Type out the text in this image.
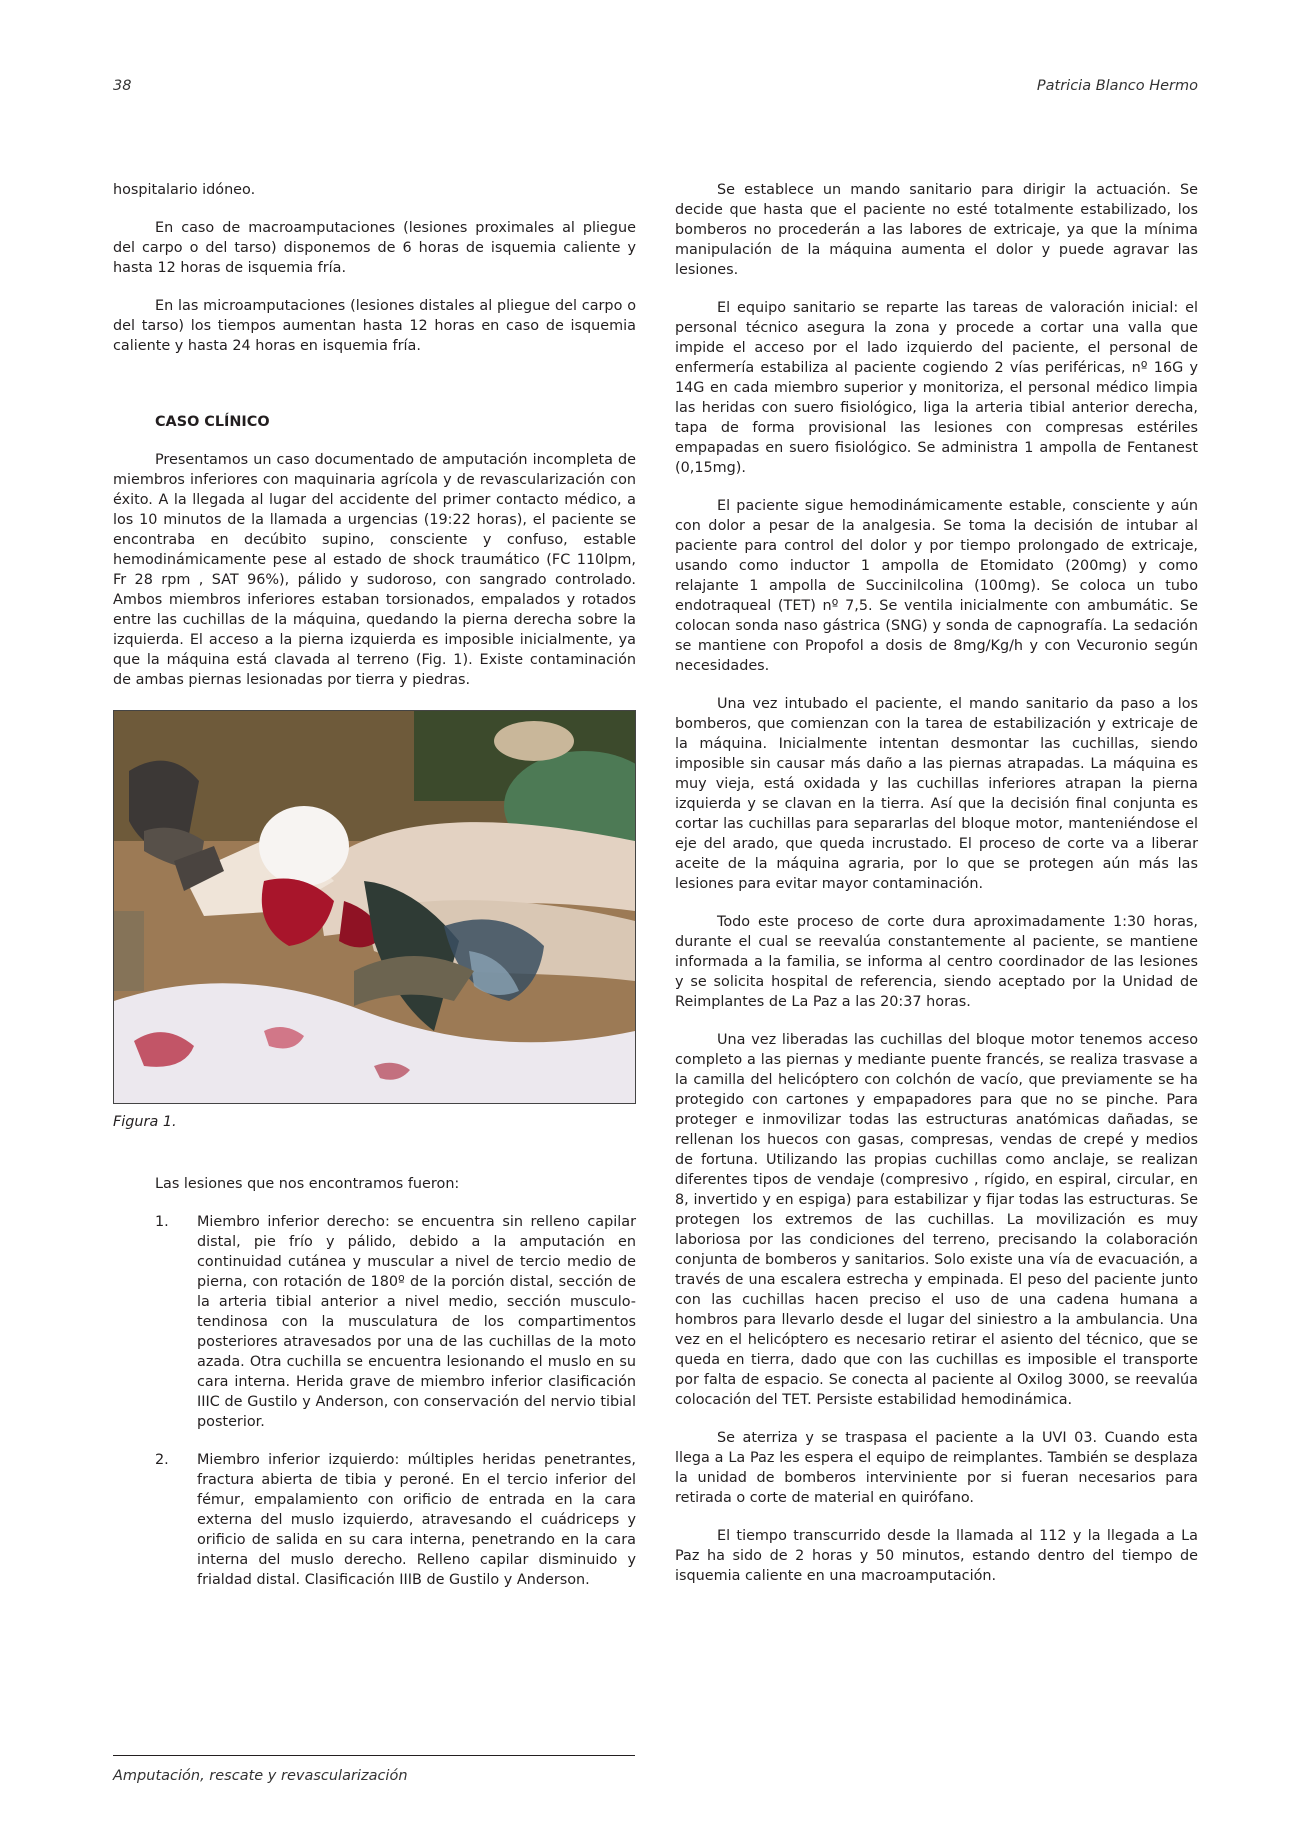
38	Patricia Blanco Hermo

hospitalario idóneo.

En caso de macroamputaciones (lesiones proximales al pliegue del carpo o del tarso) disponemos de 6 horas de isquemia caliente y hasta 12 horas de isquemia fría.

En las microamputaciones (lesiones distales al pliegue del carpo o del tarso) los tiempos aumentan hasta 12 horas en caso de isquemia caliente y hasta 24 horas en isquemia fría.

CASO CLÍNICO

Presentamos un caso documentado de amputación incompleta de miembros inferiores con maquinaria agrícola y de revascularización con éxito. A la llegada al lugar del accidente del primer contacto médico, a los 10 minutos de la llamada a urgencias (19:22 horas), el paciente se encontraba en decúbito supino, consciente y confuso, estable hemodinámicamente pese al estado de shock traumático (FC 110lpm, Fr 28 rpm , SAT 96%), pálido y sudoroso, con sangrado controlado. Ambos miembros inferiores estaban torsionados, empalados y rotados entre las cuchillas de la máquina, quedando la pierna derecha sobre la izquierda. El acceso a la pierna izquierda es imposible inicialmente, ya que la máquina está clavada al terreno (Fig. 1). Existe contaminación de ambas piernas lesionadas por tierra y piedras.

Figura 1.
Las lesiones que nos encontramos fueron:
1.	Miembro inferior derecho: se encuentra sin relleno capilar distal, pie frío y pálido, debido a la amputación en continuidad cutánea y muscular a nivel de tercio medio de pierna, con rotación de 180º de la porción distal, sección de la arteria tibial anterior a nivel medio, sección musculo-tendinosa con la musculatura de los compartimentos posteriores atravesados por una de las cuchillas de la moto azada. Otra cuchilla se encuentra lesionando el muslo en su cara interna. Herida grave de miembro inferior clasificación IIIC de Gustilo y Anderson, con conservación del nervio tibial posterior.
2.	Miembro inferior izquierdo: múltiples heridas penetrantes, fractura abierta de tibia y peroné. En el tercio inferior del fémur, empalamiento con orificio de entrada en la cara externa del muslo izquierdo, atravesando el cuádriceps y orificio de salida en su cara interna, penetrando en la cara interna del muslo derecho. Relleno capilar disminuido y frialdad distal. Clasificación IIIB de Gustilo y Anderson.

Se establece un mando sanitario para dirigir la actuación. Se decide que hasta que el paciente no esté totalmente estabilizado, los bomberos no procederán a las labores de extricaje, ya que la mínima manipulación de la máquina aumenta el dolor y puede agravar las lesiones.

El equipo sanitario se reparte las tareas de valoración inicial: el personal técnico asegura la zona y procede a cortar una valla que impide el acceso por el lado izquierdo del paciente, el personal de enfermería estabiliza al paciente cogiendo 2 vías periféricas, nº 16G y 14G en cada miembro superior y monitoriza, el personal médico limpia las heridas con suero fisiológico, liga la arteria tibial anterior derecha, tapa de forma provisional las lesiones con compresas estériles empapadas en suero fisiológico. Se administra 1 ampolla de Fentanest (0,15mg).

El paciente sigue hemodinámicamente estable, consciente y aún con dolor a pesar de la analgesia. Se toma la decisión de intubar al paciente para control del dolor y por tiempo prolongado de extricaje, usando como inductor 1 ampolla de Etomidato (200mg) y como relajante 1 ampolla de Succinilcolina (100mg). Se coloca un tubo endotraqueal (TET) nº 7,5. Se ventila inicialmente con ambumátic. Se colocan sonda naso gástrica (SNG) y sonda de capnografía. La sedación se mantiene con Propofol a dosis de 8mg/Kg/h y con Vecuronio según necesidades.

Una vez intubado el paciente, el mando sanitario da paso a los bomberos, que comienzan con la tarea de estabilización y extricaje de la máquina. Inicialmente intentan desmontar las cuchillas, siendo imposible sin causar más daño a las piernas atrapadas. La máquina es muy vieja, está oxidada y las cuchillas inferiores atrapan la pierna izquierda y se clavan en la tierra. Así que la decisión final conjunta es cortar las cuchillas para separarlas del bloque motor, manteniéndose el eje del arado, que queda incrustado. El proceso de corte va a liberar aceite de la máquina agraria, por lo que se protegen aún más las lesiones para evitar mayor contaminación.

Todo este proceso de corte dura aproximadamente 1:30 horas, durante el cual se reevalúa constantemente al paciente, se mantiene informada a la familia, se informa al centro coordinador de las lesiones y se solicita hospital de referencia, siendo aceptado por la Unidad de Reimplantes de La Paz a las 20:37 horas.

Una vez liberadas las cuchillas del bloque motor tenemos acceso completo a las piernas y mediante puente francés, se realiza trasvase a la camilla del helicóptero con colchón de vacío, que previamente se ha protegido con cartones y empapadores para que no se pinche. Para proteger e inmovilizar todas las estructuras anatómicas dañadas, se rellenan los huecos con gasas, compresas, vendas de crepé y medios de fortuna. Utilizando las propias cuchillas como anclaje, se realizan diferentes tipos de vendaje (compresivo , rígido, en espiral, circular, en 8, invertido y en espiga) para estabilizar y fijar todas las estructuras. Se protegen los extremos de las cuchillas. La movilización es muy laboriosa por las condiciones del terreno, precisando la colaboración conjunta de bomberos y sanitarios. Solo existe una vía de evacuación, a través de una escalera estrecha y empinada. El peso del paciente junto con las cuchillas hacen preciso el uso de una cadena humana a hombros para llevarlo desde el lugar del siniestro a la ambulancia. Una vez en el helicóptero es necesario retirar el asiento del técnico, que se queda en tierra, dado que con las cuchillas es imposible el transporte por falta de espacio. Se conecta al paciente al Oxilog 3000, se reevalúa colocación del TET. Persiste estabilidad hemodinámica.

Se aterriza y se traspasa el paciente a la UVI 03. Cuando esta llega a La Paz les espera el equipo de reimplantes. También se desplaza la unidad de bomberos interviniente por si fueran necesarios para retirada o corte de material en quirófano.

El tiempo transcurrido desde la llamada al 112 y la llegada a La Paz ha sido de 2 horas y 50 minutos, estando dentro del tiempo de isquemia caliente en una macroamputación.

Amputación, rescate y revascularización
